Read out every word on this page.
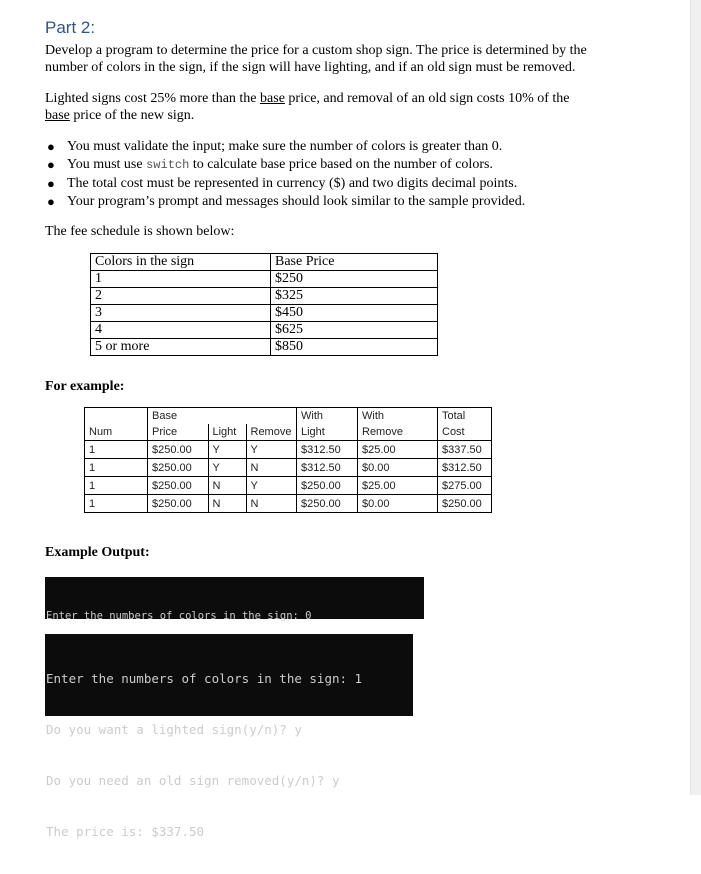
Part 2:

Develop a program to determine the price for a custom shop sign. The price is determined by the
number of colors in the sign, if the sign will have lighting, and if an old sign must be removed.

Lighted signs cost 25% more than the base price, and removal of an old sign costs 10% of the
base price of the new sign.

● You must validate the input; make sure the number of colors is greater than 0.
● You must use switch to calculate base price based on the number of colors.
● The total cost must be represented in currency ($) and two digits decimal points.
● Your program’s prompt and messages should look similar to the sample provided.

The fee schedule is shown below:

Colors in the sign	Base Price
1	$250
2	$325
3	$450
4	$625
5 or more	$850

For example:

	Base			With	With	Total
Num	Price	Light	Remove	Light	Remove	Cost
1	$250.00	Y	Y	$312.50	$25.00	$337.50
1	$250.00	Y	N	$312.50	$0.00	$312.50
1	$250.00	N	Y	$250.00	$25.00	$275.00
1	$250.00	N	N	$250.00	$0.00	$250.00

Example Output:

Enter the numbers of colors in the sign: 0

Enter the numbers of colors in the sign: 1

Do you want a lighted sign(y/n)? y

Do you need an old sign removed(y/n)? y

The price is: $337.50
